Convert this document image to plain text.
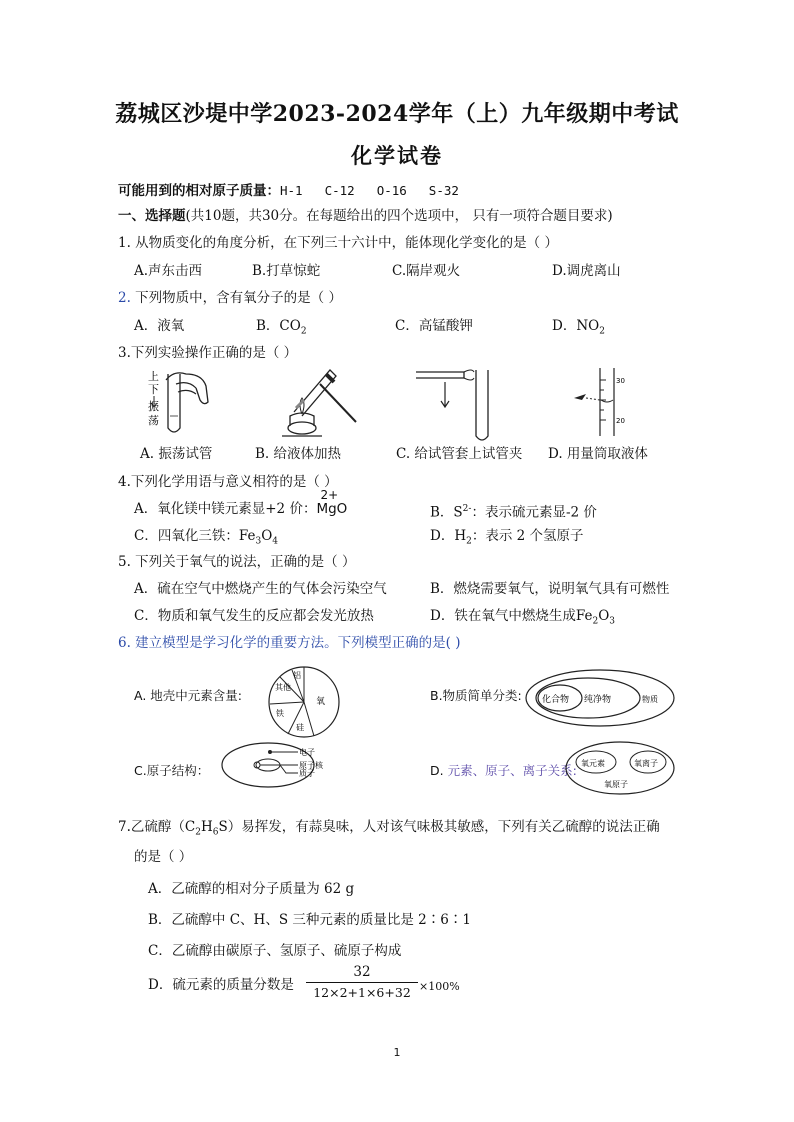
荔城区沙堤中学2023-2024学年（上）九年级期中考试
化学试卷
可能用到的相对原子质量：H-1 C-12 O-16 S-32
一、选择题(共10题，共30分。在每题给出的四个选项中， 只有一项符合题目要求)
1. 从物质变化的角度分析，在下列三十六计中，能体现化学变化的是（ ）
A.声东击西	B.打草惊蛇	C.隔岸观火	D.调虎离山
2. 下列物质中，含有氧分子的是（ ）
A．液氧	B．$CO_2$	C．高锰酸钾	D．$NO_2$
3.下列实验操作正确的是（ ）
上
下
振
荡
30
20
A. 振荡试管	B. 给液体加热	C. 给试管套上试管夹 D. 用量筒取液体
4.下列化学用语与意义相符的是（ ）
A．氧化镁中镁元素显+2 价：
2+
MgO	B．$S^{2-}$：表示硫元素显-2 价
C．四氧化三铁：$Fe_3O_4$	D．$H_2$：表示 2 个氢原子
5. 下列关于氧气的说法，正确的是（ ）
A．硫在空气中燃烧产生的气体会污染空气	B．燃烧需要氧气，说明氧气具有可燃性
C．物质和氧气发生的反应都会发光放热	D．铁在氧气中燃烧生成$Fe_2O_3$
6. 建立模型是学习化学的重要方法。下列模型正确的是( )
A. 地壳中元素含量:
铝
其他
铁
硅
氧	B.物质简单分类: 化合物 纯净物	物质
C.原子结构：
电子
原子核
质子	D. 元素、原子、离子关系: 氧元素	氧离子
氧原子
7.乙硫醇$(C_2H_6S)$易挥发，有蒜臭味，人对该气味极其敏感，下列有关乙硫醇的说法正确
的是（ ）
A．乙硫醇的相对分子质量为 62 g
B．乙硫醇中 C、H、S 三种元素的质量比是 2∶6∶1
C．乙硫醇由碳原子、氢原子、硫原子构成
D．硫元素的质量分数是 $\frac{32}{12\times 2+1\times 6+32} \times 100\%$
1
